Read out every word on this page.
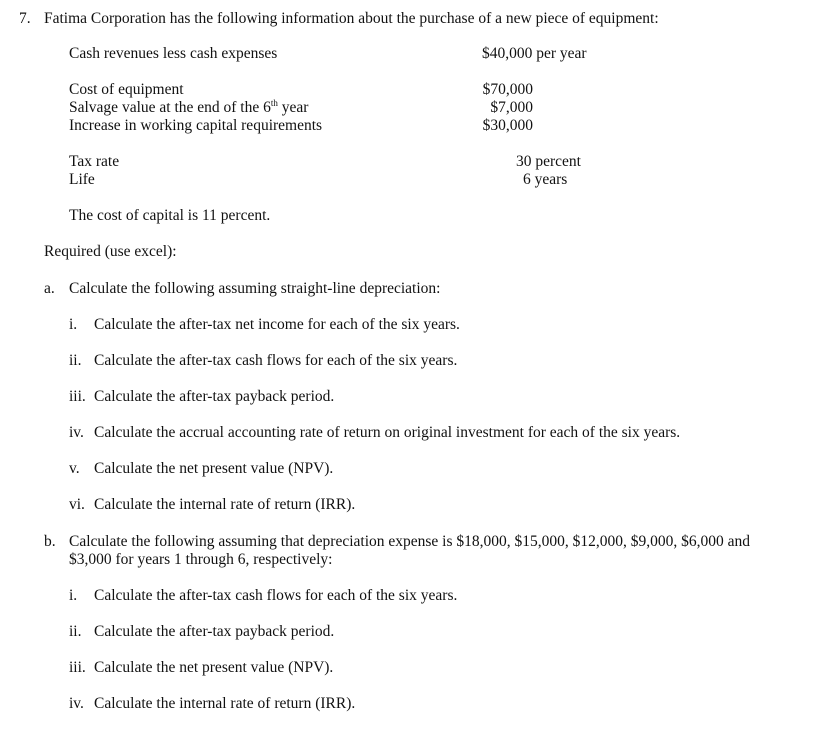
7. Fatima Corporation has the following information about the purchase of a new piece of equipment:
Cash revenues less cash expenses	$40,000 per year
Cost of equipment	$70,000
Salvage value at the end of the 6th year	$7,000
Increase in working capital requirements	$30,000
Tax rate	30 percent
Life	6 years
The cost of capital is 11 percent.
Required (use excel):
a. Calculate the following assuming straight-line depreciation:
i. Calculate the after-tax net income for each of the six years.
ii. Calculate the after-tax cash flows for each of the six years.
iii. Calculate the after-tax payback period.
iv. Calculate the accrual accounting rate of return on original investment for each of the six years.
v. Calculate the net present value (NPV).
vi. Calculate the internal rate of return (IRR).
b. Calculate the following assuming that depreciation expense is $18,000, $15,000, $12,000, $9,000, $6,000 and
$3,000 for years 1 through 6, respectively:
i. Calculate the after-tax cash flows for each of the six years.
ii. Calculate the after-tax payback period.
iii. Calculate the net present value (NPV).
iv. Calculate the internal rate of return (IRR).
